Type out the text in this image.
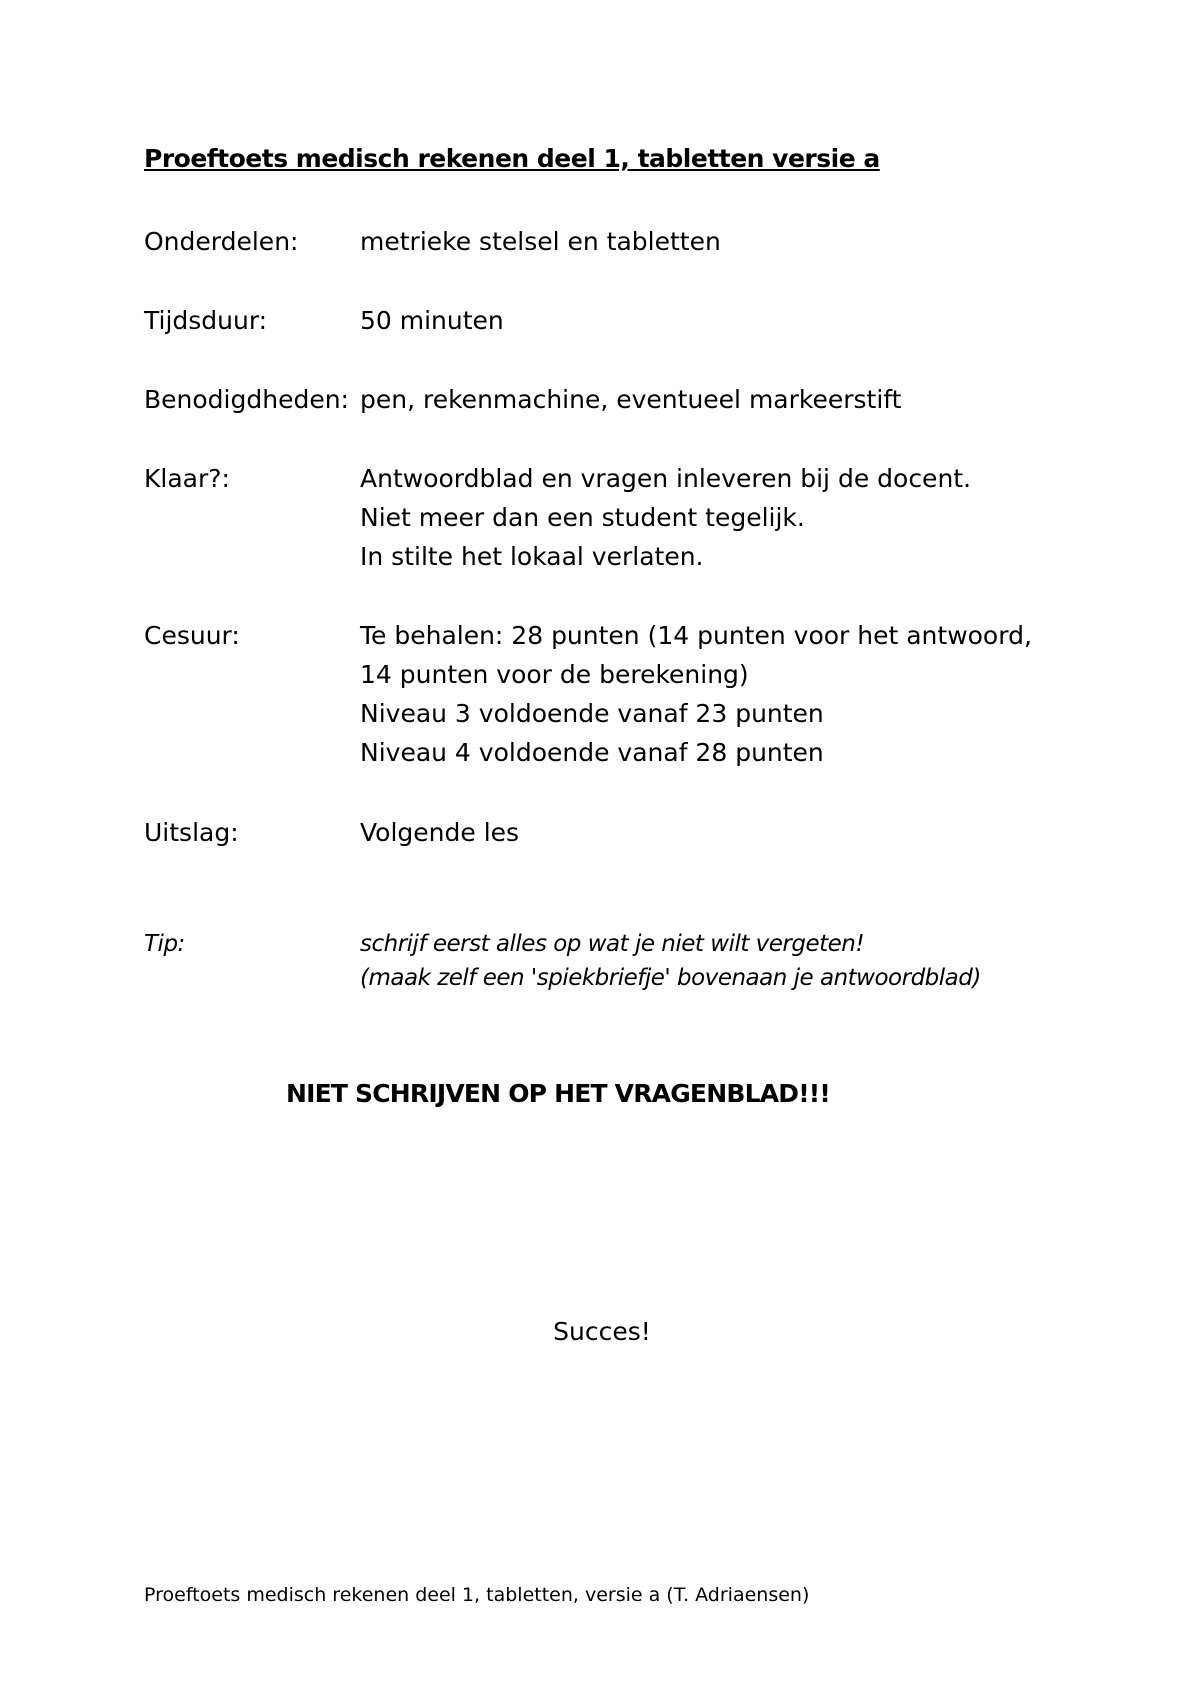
Proeftoets medisch rekenen deel 1, tabletten versie a
Onderdelen: metrieke stelsel en tabletten
Tijdsduur:	50 minuten
Benodigdheden: pen, rekenmachine, eventueel markeerstift
Klaar?:	Antwoordblad en vragen inleveren bij de docent.
Niet meer dan een student tegelijk.
In stilte het lokaal verlaten.
Cesuur:	Te behalen: 28 punten (14 punten voor het antwoord,
14 punten voor de berekening)
Niveau 3 voldoende vanaf 23 punten
Niveau 4 voldoende vanaf 28 punten
Uitslag:	Volgende les
Tip:	schrijf eerst alles op wat je niet wilt vergeten!
(maak zelf een 'spiekbriefje' bovenaan je antwoordblad)
NIET SCHRIJVEN OP HET VRAGENBLAD!!!
Succes!
Proeftoets medisch rekenen deel 1, tabletten, versie a (T. Adriaensen)
